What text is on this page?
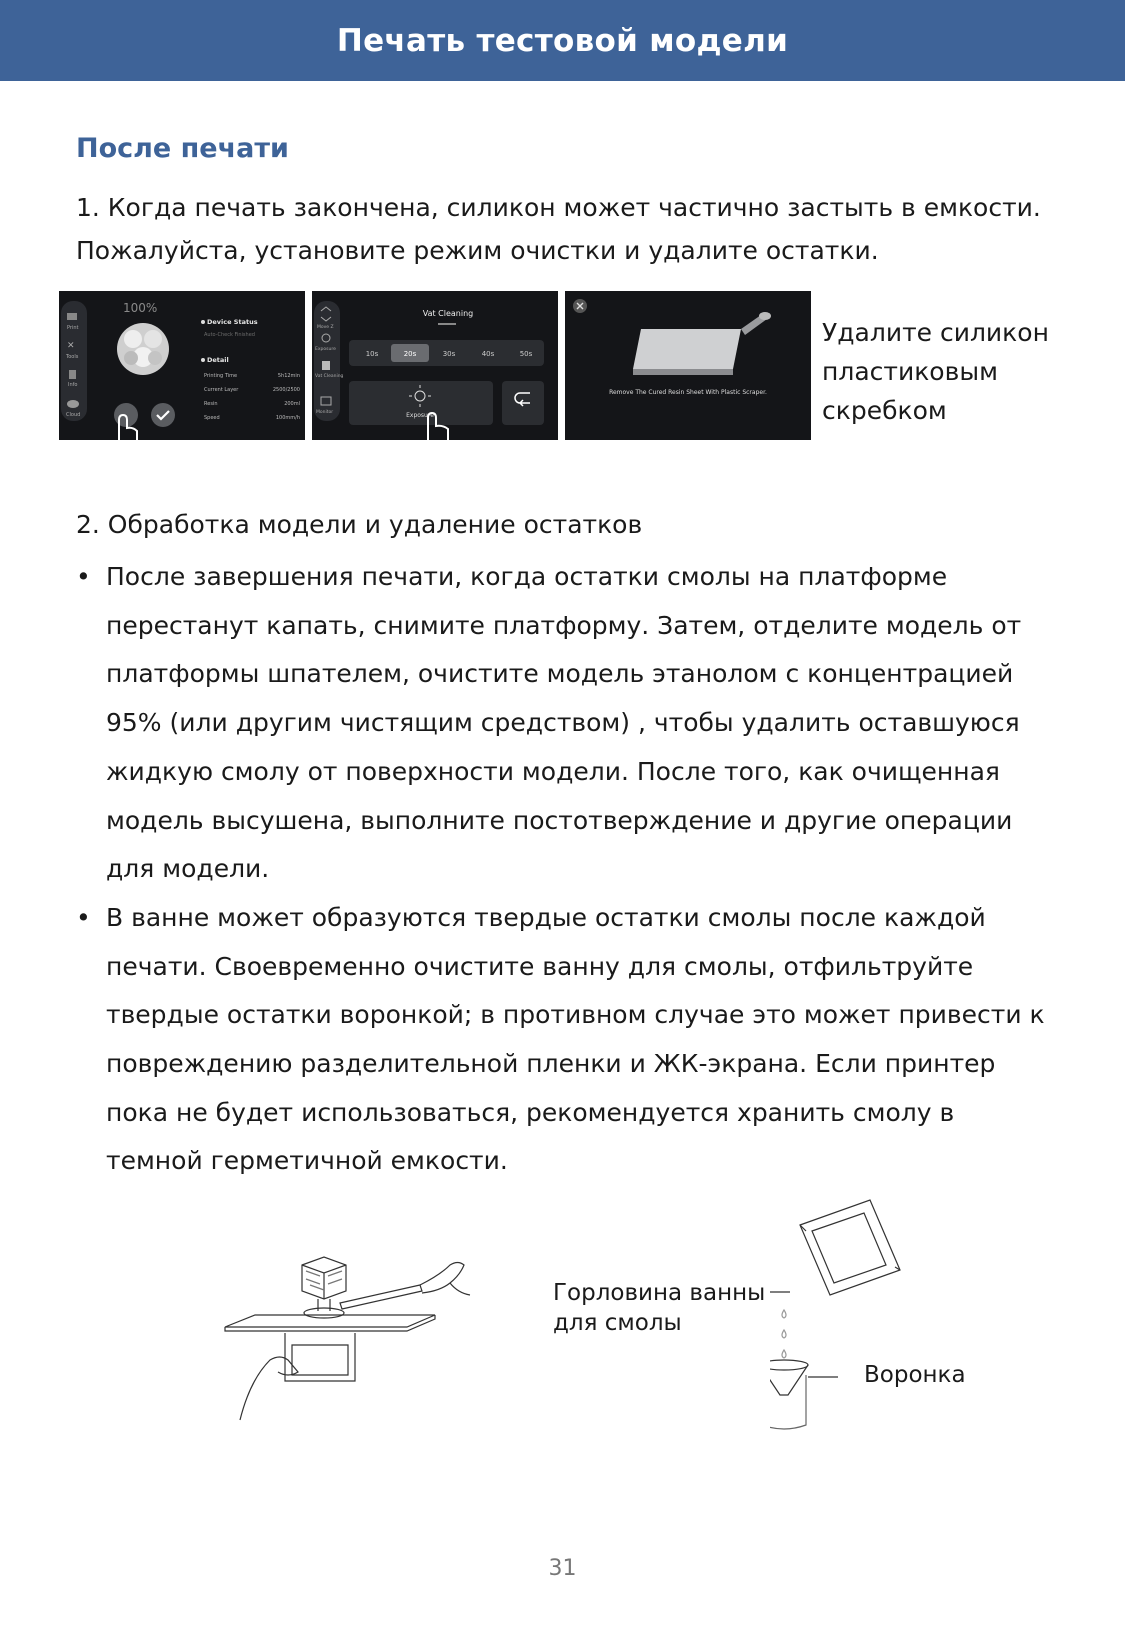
Печать тестовой модели
После печати

1. Когда печать закончена, силикон может частично застыть в емкости. Пожалуйста, установите режим очистки и удалите остатки.

Print
✕
Tools
Info
Cloud
100%
Device Status
Auto-Check Finished
Detail
Printing Time	5h12min
Current Layer	2500/2500
Resin	200ml
Speed	100mm/h
Move Z
Exposure
Vat Cleaning
Monitor
Vat Cleaning
10s	20s	30s	40s	50s
Exposure
Remove The Cured Resin Sheet With Plastic Scraper.
Удалите силикон пластиковым скребком

2. Обработка модели и удаление остатков

• После завершения печати, когда остатки смолы на платформе перестанут капать, снимите платформу. Затем, отделите модель от платформы шпателем, очистите модель этанолом с концентрацией 95% (или другим чистящим средством) , чтобы удалить оставшуюся жидкую смолу от поверхности модели. После того, как очищенная модель высушена, выполните постотверждение и другие операции для модели.
• В ванне может образуются твердые остатки смолы после каждой печати. Своевременно очистите ванну для смолы, отфильтруйте твердые остатки воронкой; в противном случае это может привести к повреждению разделительной пленки и ЖК-экрана. Если принтер пока не будет использоваться, рекомендуется хранить смолу в темной герметичной емкости.
Горловина ванны для смолы
Воронка
31
